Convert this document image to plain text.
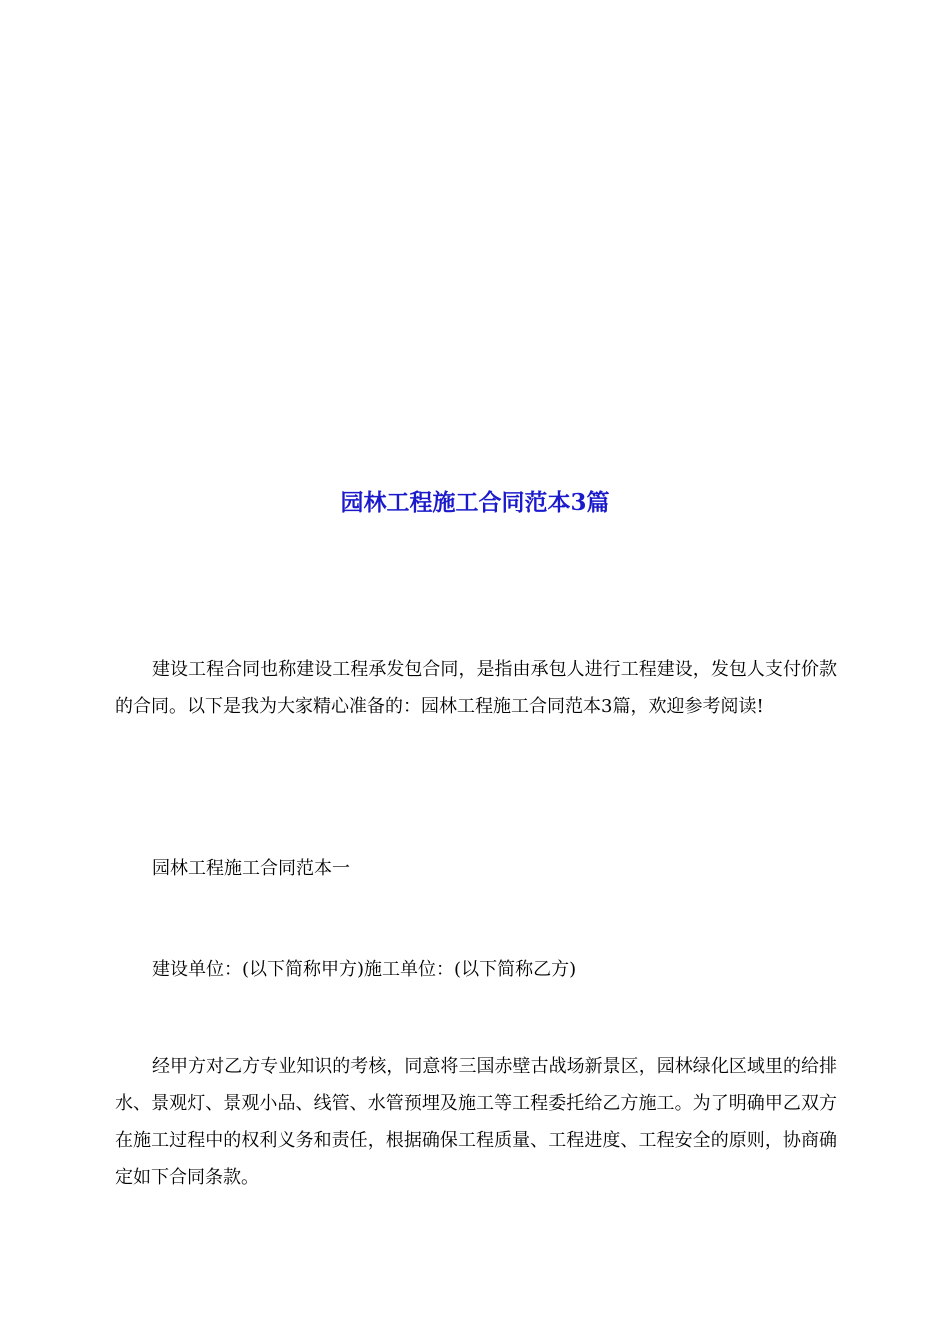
园林工程施工合同范本3篇

建设工程合同也称建设工程承发包合同，是指由承包人进行工程建设，发包人支付价款的合同。以下是我为大家精心准备的：园林工程施工合同范本3篇，欢迎参考阅读!

园林工程施工合同范本一

建设单位：(以下简称甲方)施工单位：(以下简称乙方)

经甲方对乙方专业知识的考核，同意将三国赤壁古战场新景区，园林绿化区域里的给排水、景观灯、景观小品、线管、水管预埋及施工等工程委托给乙方施工。为了明确甲乙双方在施工过程中的权利义务和责任，根据确保工程质量、工程进度、工程安全的原则，协商确定如下合同条款。
